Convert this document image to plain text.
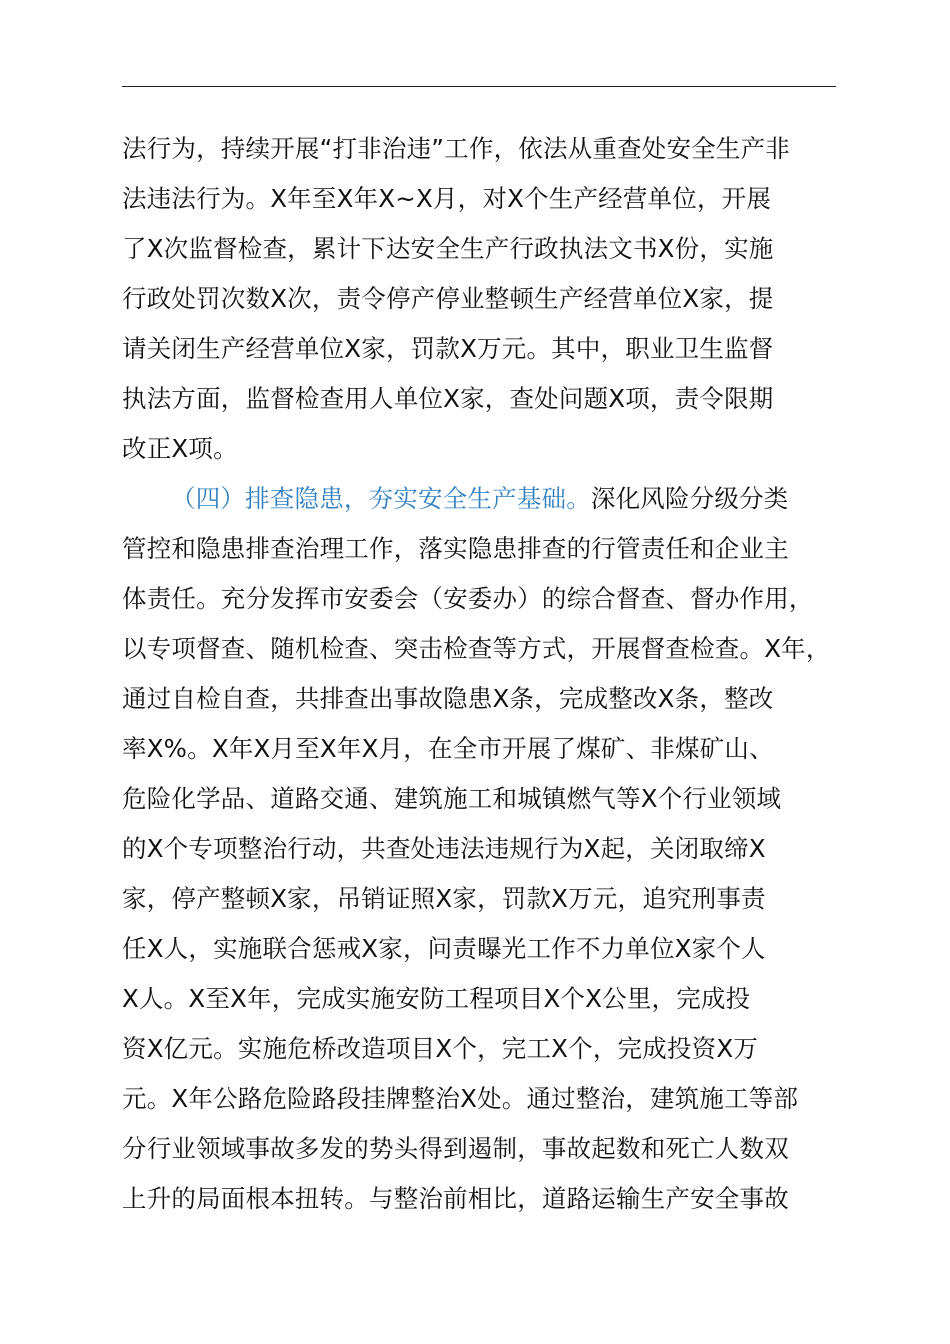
法行为，持续开展“打非治违”工作，依法从重查处安全生产非
法违法行为。X年至X年X~X月，对X个生产经营单位，开展
了X次监督检查，累计下达安全生产行政执法文书X份，实施
行政处罚次数X次，责令停产停业整顿生产经营单位X家，提
请关闭生产经营单位X家，罚款X万元。其中，职业卫生监督
执法方面，监督检查用人单位X家，查处问题X项，责令限期
改正X项。
（四）排查隐患，夯实安全生产基础。深化风险分级分类
管控和隐患排查治理工作，落实隐患排查的行管责任和企业主
体责任。充分发挥市安委会（安委办）的综合督查、督办作用，
以专项督查、随机检查、突击检查等方式，开展督查检查。X年，
通过自检自查，共排查出事故隐患X条，完成整改X条，整改
率X%。X年X月至X年X月，在全市开展了煤矿、非煤矿山、
危险化学品、道路交通、建筑施工和城镇燃气等X个行业领域
的X个专项整治行动，共查处违法违规行为X起，关闭取缔X
家，停产整顿X家，吊销证照X家，罚款X万元，追究刑事责
任X人，实施联合惩戒X家，问责曝光工作不力单位X家个人
X人。X至X年，完成实施安防工程项目X个X公里，完成投
资X亿元。实施危桥改造项目X个，完工X个，完成投资X万
元。X年公路危险路段挂牌整治X处。通过整治，建筑施工等部
分行业领域事故多发的势头得到遏制，事故起数和死亡人数双
上升的局面根本扭转。与整治前相比，道路运输生产安全事故
